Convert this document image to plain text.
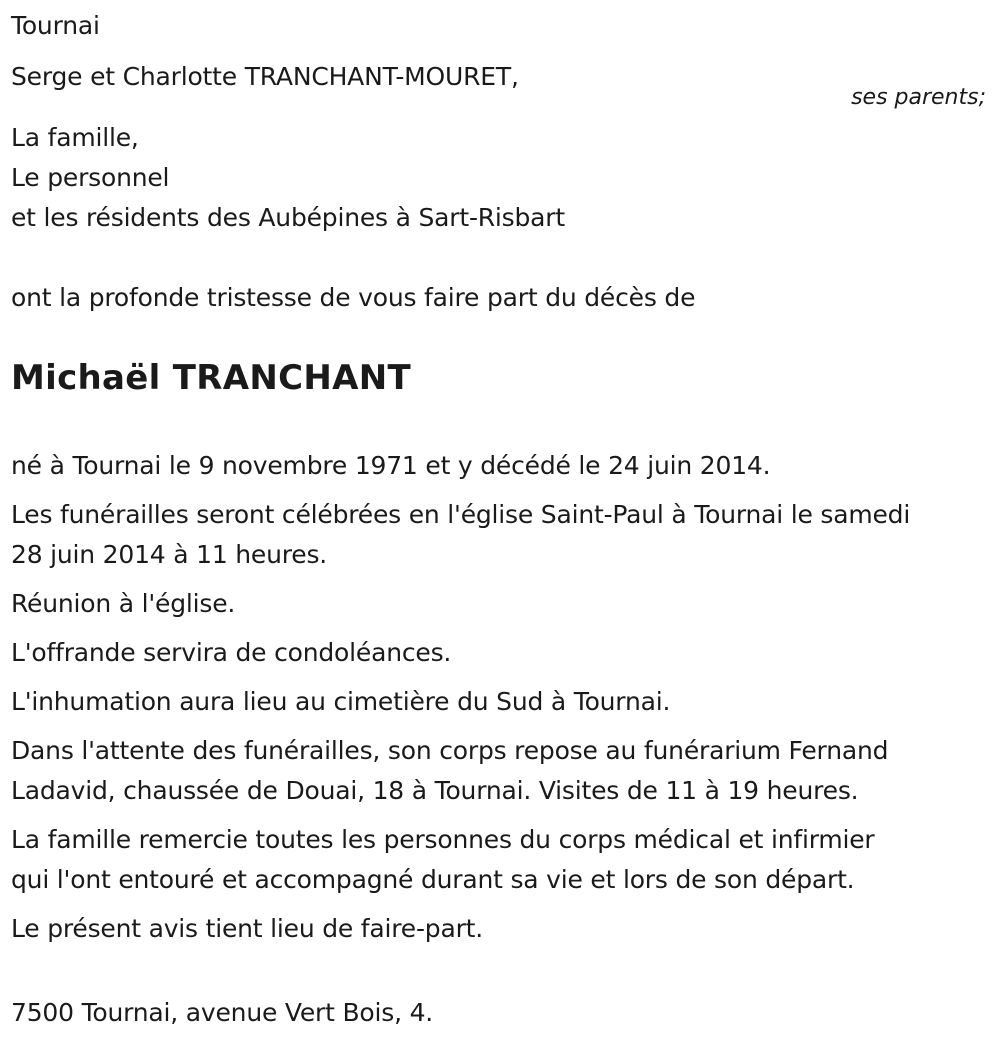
Tournai
Serge et Charlotte TRANCHANT-MOURET,
ses parents;
La famille,
Le personnel
et les résidents des Aubépines à Sart-Risbart
ont la profonde tristesse de vous faire part du décès de
Michaël TRANCHANT
né à Tournai le 9 novembre 1971 et y décédé le 24 juin 2014.
Les funérailles seront célébrées en l'église Saint-Paul à Tournai le samedi
28 juin 2014 à 11 heures.
Réunion à l'église.
L'offrande servira de condoléances.
L'inhumation aura lieu au cimetière du Sud à Tournai.
Dans l'attente des funérailles, son corps repose au funérarium Fernand
Ladavid, chaussée de Douai, 18 à Tournai. Visites de 11 à 19 heures.
La famille remercie toutes les personnes du corps médical et infirmier
qui l'ont entouré et accompagné durant sa vie et lors de son départ.
Le présent avis tient lieu de faire-part.
7500 Tournai, avenue Vert Bois, 4.
